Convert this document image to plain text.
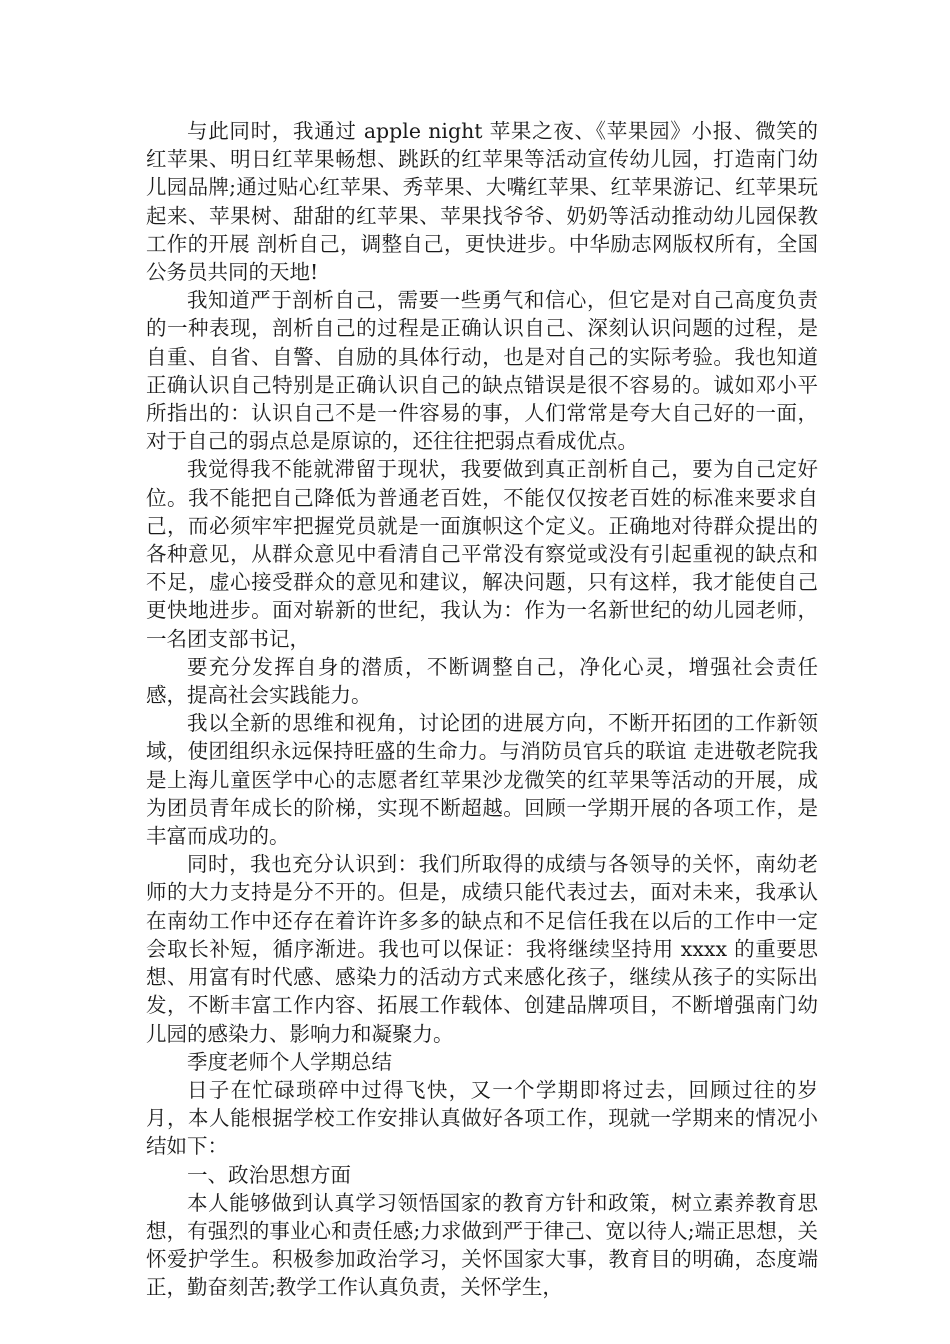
与此同时，我通过 apple night 苹果之夜、《苹果园》小报、微笑的红苹果、明日红苹果畅想、跳跃的红苹果等活动宣传幼儿园，打造南门幼儿园品牌;通过贴心红苹果、秀苹果、大嘴红苹果、红苹果游记、红苹果玩起来、苹果树、甜甜的红苹果、苹果找爷爷、奶奶等活动推动幼儿园保教工作的开展 剖析自己，调整自己，更快进步。中华励志网版权所有，全国公务员共同的天地!

我知道严于剖析自己，需要一些勇气和信心，但它是对自己高度负责 的一种表现，剖析自己的过程是正确认识自己、深刻认识问题的过程，是自重、自省、自警、自励的具体行动，也是对自己的实际考验。我也知道正确认识自己特别是正确认识自己的缺点错误是很不容易的。诚如邓小平所指出的：认识自己不是一件容易的事，人们常常是夸大自己好的一面，对于自己的弱点总是原谅的，还往往把弱点看成优点。

我觉得我不能就滞留于现状，我要做到真正剖析自己，要为自己定好位。我不能把自己降低为普通老百姓，不能仅仅按老百姓的标准来要求自己，而必须牢牢把握党员就是一面旗帜这个定义。正确地对待群众提出的各种意见，从群众意见中看清自己平常没有察觉或没有引起重视的缺点和不足，虚心接受群众的意见和建议，解决问题，只有这样，我才能使自己更快地进步。面对崭新的世纪，我认为：作为一名新世纪的幼儿园老师，一名团支部书记，

要充分发挥自身的潜质，不断调整自己，净化心灵，增强社会责任感，提高社会实践能力。

我以全新的思维和视角，讨论团的进展方向，不断开拓团的工作新领域，使团组织永远保持旺盛的生命力。与消防员官兵的联谊 走进敬老院我是上海儿童医学中心的志愿者红苹果沙龙微笑的红苹果等活动的开展，成为团员青年成长的阶梯，实现不断超越。回顾一学期开展的各项工作，是丰富而成功的。

同时，我也充分认识到：我们所取得的成绩与各领导的关怀，南幼老师的大力支持是分不开的。但是，成绩只能代表过去，面对未来，我承认在南幼工作中还存在着许许多多的缺点和不足信任我在以后的工作中一定会取长补短，循序渐进。我也可以保证：我将继续坚持用 xxxx 的重要思想、用富有时代感、感染力的活动方式来感化孩子，继续从孩子的实际出发，不断丰富工作内容、拓展工作载体、创建品牌项目，不断增强南门幼儿园的感染力、影响力和凝聚力。

季度老师个人学期总结

日子在忙碌琐碎中过得飞快，又一个学期即将过去，回顾过往的岁月，本人能根据学校工作安排认真做好各项工作，现就一学期来的情况小结如下：

一、政治思想方面

本人能够做到认真学习领悟国家的教育方针和政策，树立素养教育思想，有强烈的事业心和责任感;力求做到严于律己、宽以待人;端正思想，关怀爱护学生。积极参加政治学习，关怀国家大事，教育目的明确，态度端正，勤奋刻苦;教学工作认真负责，关怀学生，
